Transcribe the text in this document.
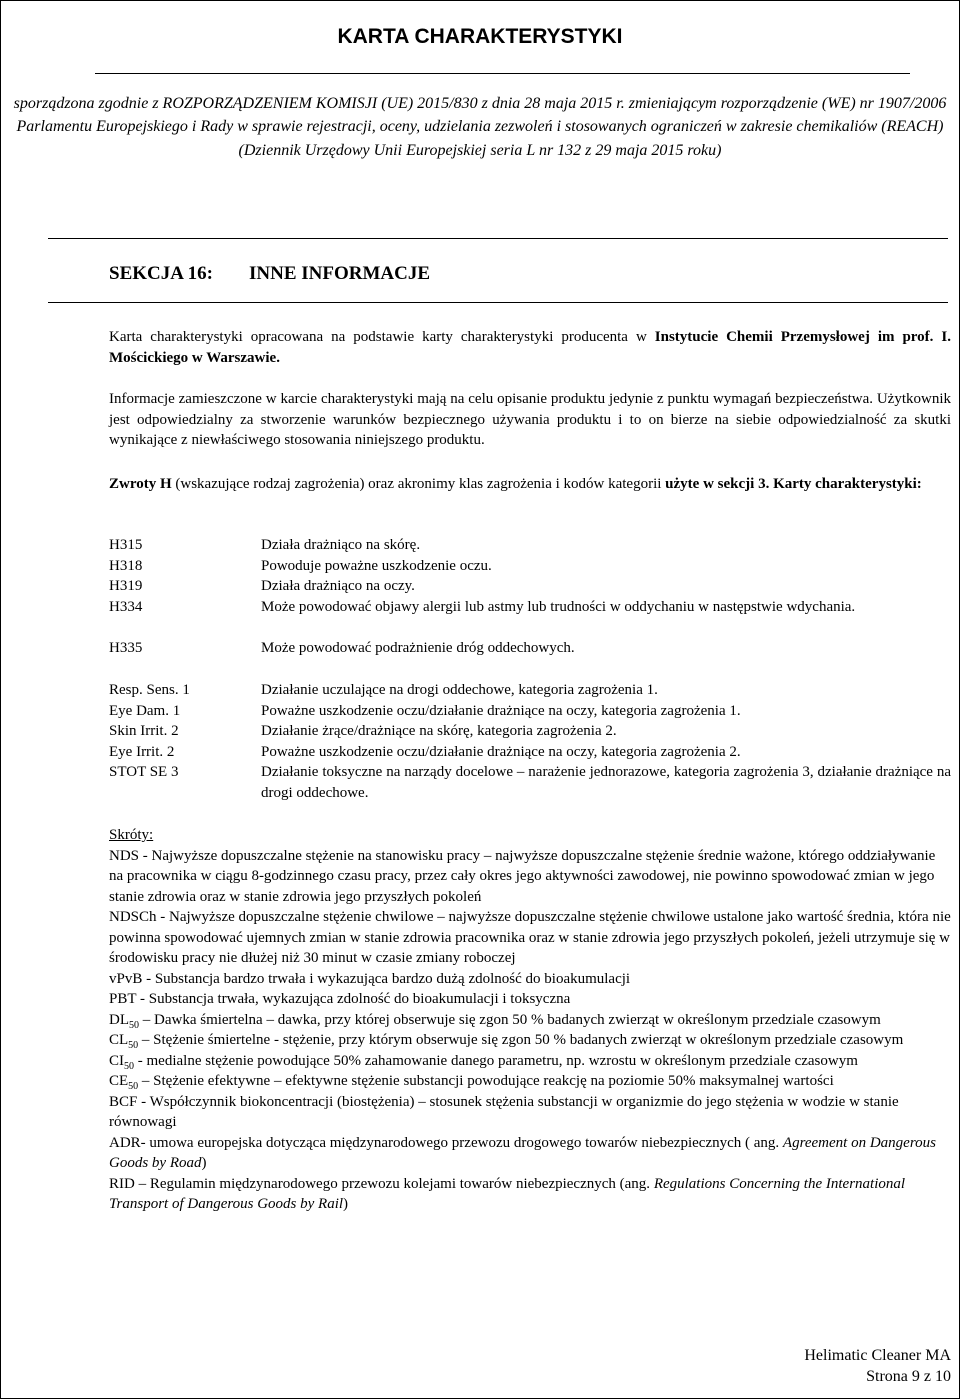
KARTA CHARAKTERYSTYKI
sporządzona zgodnie z ROZPORZĄDZENIEM KOMISJI (UE) 2015/830 z dnia 28 maja 2015 r. zmieniającym rozporządzenie (WE) nr 1907/2006 Parlamentu Europejskiego i Rady w sprawie rejestracji, oceny, udzielania zezwoleń i stosowanych ograniczeń w zakresie chemikaliów (REACH) (Dziennik Urzędowy Unii Europejskiej seria L nr 132 z 29 maja 2015 roku)
SEKCJA 16: INNE INFORMACJE
Karta charakterystyki opracowana na podstawie karty charakterystyki producenta w Instytucie Chemii Przemysłowej im prof. I. Mościckiego w Warszawie.
Informacje zamieszczone w karcie charakterystyki mają na celu opisanie produktu jedynie z punktu wymagań bezpieczeństwa. Użytkownik jest odpowiedzialny za stworzenie warunków bezpiecznego używania produktu i to on bierze na siebie odpowiedzialność za skutki wynikające z niewłaściwego stosowania niniejszego produktu.
Zwroty H (wskazujące rodzaj zagrożenia) oraz akronimy klas zagrożenia i kodów kategorii użyte w sekcji 3. Karty charakterystyki:
H315	Działa drażniąco na skórę.
H318	Powoduje poważne uszkodzenie oczu.
H319	Działa drażniąco na oczy.
H334	Może powodować objawy alergii lub astmy lub trudności w oddychaniu w następstwie wdychania.
H335	Może powodować podrażnienie dróg oddechowych.
Resp. Sens. 1	Działanie uczulające na drogi oddechowe, kategoria zagrożenia 1.
Eye Dam. 1	Poważne uszkodzenie oczu/działanie drażniące na oczy, kategoria zagrożenia 1.
Skin Irrit. 2	Działanie żrące/drażniące na skórę, kategoria zagrożenia 2.
Eye Irrit. 2	Poważne uszkodzenie oczu/działanie drażniące na oczy, kategoria zagrożenia 2.
STOT SE 3	Działanie toksyczne na narządy docelowe – narażenie jednorazowe, kategoria zagrożenia 3, działanie drażniące na drogi oddechowe.
Skróty:
NDS - Najwyższe dopuszczalne stężenie na stanowisku pracy – najwyższe dopuszczalne stężenie średnie ważone, którego oddziaływanie na pracownika w ciągu 8-godzinnego czasu pracy, przez cały okres jego aktywności zawodowej, nie powinno spowodować zmian w jego stanie zdrowia oraz w stanie zdrowia jego przyszłych pokoleń
NDSCh - Najwyższe dopuszczalne stężenie chwilowe – najwyższe dopuszczalne stężenie chwilowe ustalone jako wartość średnia, która nie powinna spowodować ujemnych zmian w stanie zdrowia pracownika oraz w stanie zdrowia jego przyszłych pokoleń, jeżeli utrzymuje się w środowisku pracy nie dłużej niż 30 minut w czasie zmiany roboczej
vPvB - Substancja bardzo trwała i wykazująca bardzo dużą zdolność do bioakumulacji
PBT - Substancja trwała, wykazująca zdolność do bioakumulacji i toksyczna
$DL_{50}$ – Dawka śmiertelna – dawka, przy której obserwuje się zgon 50 % badanych zwierząt w określonym przedziale czasowym
$CL_{50}$ – Stężenie śmiertelne - stężenie, przy którym obserwuje się zgon 50 % badanych zwierząt w określonym przedziale czasowym
$CI_{50}$ - medialne stężenie powodujące 50% zahamowanie danego parametru, np. wzrostu w określonym przedziale czasowym
$CE_{50}$ – Stężenie efektywne – efektywne stężenie substancji powodujące reakcję na poziomie 50% maksymalnej wartości
BCF - Współczynnik biokoncentracji (biostężenia) – stosunek stężenia substancji w organizmie do jego stężenia w wodzie w stanie równowagi
ADR- umowa europejska dotycząca międzynarodowego przewozu drogowego towarów niebezpiecznych ( ang. Agreement on Dangerous Goods by Road)
RID – Regulamin międzynarodowego przewozu kolejami towarów niebezpiecznych (ang. Regulations Concerning the International Transport of Dangerous Goods by Rail)
Helimatic Cleaner MA
Strona 9 z 10
